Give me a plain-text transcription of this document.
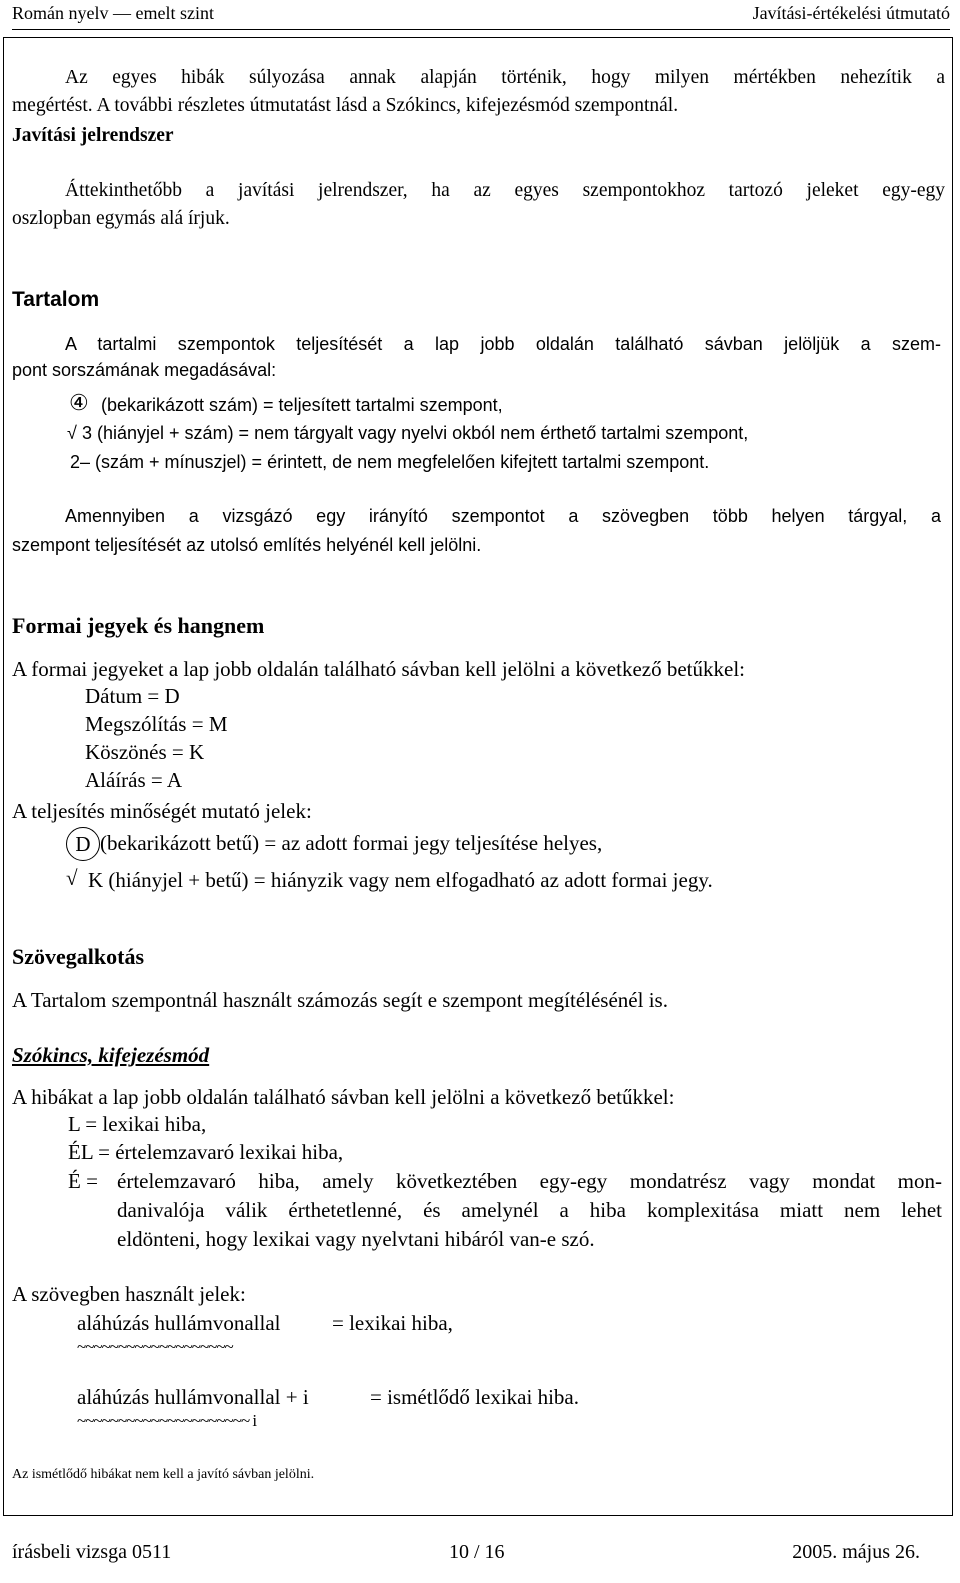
Román nyelv — emelt szint	Javítási-értékelési útmutató
Az egyes hibák súlyozása annak alapján történik, hogy milyen mértékben nehezítik a
megértést. A további részletes útmutatást lásd a Szókincs, kifejezésmód szempontnál.
Javítási jelrendszer
Áttekinthetőbb a javítási jelrendszer, ha az egyes szempontokhoz tartozó jeleket egy-egy
oszlopban egymás alá írjuk.
Tartalom
A tartalmi szempontok teljesítését a lap jobb oldalán található sávban jelöljük a szem-
pont sorszámának megadásával:
④ (bekarikázott szám) = teljesített tartalmi szempont,
√ 3 (hiányjel + szám) = nem tárgyalt vagy nyelvi okból nem érthető tartalmi szempont,
2– (szám + mínuszjel) = érintett, de nem megfelelően kifejtett tartalmi szempont.
Amennyiben a vizsgázó egy irányító szempontot a szövegben több helyen tárgyal, a
szempont teljesítését az utolsó említés helyénél kell jelölni.
Formai jegyek és hangnem
A formai jegyeket a lap jobb oldalán található sávban kell jelölni a következő betűkkel:
Dátum = D
Megszólítás = M
Köszönés = K
Aláírás = A
A teljesítés minőségét mutató jelek:
D (bekarikázott betű) = az adott formai jegy teljesítése helyes,
√ K (hiányjel + betű) = hiányzik vagy nem elfogadható az adott formai jegy.
Szövegalkotás
A Tartalom szempontnál használt számozás segít e szempont megítélésénél is.
Szókincs, kifejezésmód
A hibákat a lap jobb oldalán található sávban kell jelölni a következő betűkkel:
L = lexikai hiba,
ÉL = értelemzavaró lexikai hiba,
É = értelemzavaró hiba, amely következtében egy-egy mondatrész vagy mondat mon-
danivalója válik érthetetlenné, és amelynél a hiba komplexitása miatt nem lehet
eldönteni, hogy lexikai vagy nyelvtani hibáról van-e szó.
A szövegben használt jelek:
aláhúzás hullámvonallal = lexikai hiba,
~~~~~~~~~~~~~~~~~~~
aláhúzás hullámvonallal + i	= ismétlődő lexikai hiba.
~~~~~~~~~~~~~~~~~~~~~ i
Az ismétlődő hibákat nem kell a javító sávban jelölni.
írásbeli vizsga 0511	10 / 16	2005. május 26.
